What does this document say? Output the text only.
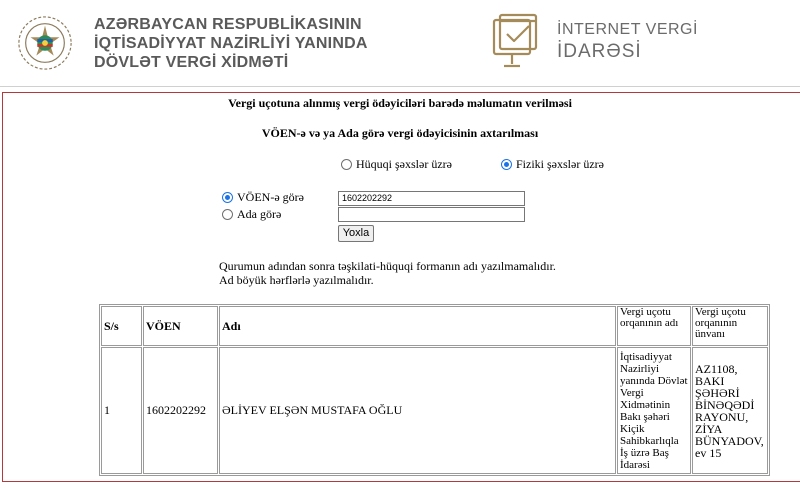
AZƏRBAYCAN RESPUBLİKASININ
İQTİSADİYYAT NAZİRLİYİ YANINDA
DÖVLƏT VERGİ XİDMƏTİ
İNTERNET VERGİ
İDARƏSİ
Vergi uçotuna alınmış vergi ödəyiciləri barədə məlumatın verilməsi
VÖEN-ə və ya Ada görə vergi ödəyicisinin axtarılması
Hüquqi şəxslər üzrə	Fiziki şəxslər üzrə
VÖEN-ə görə	1602202292
Ada görə
Yoxla
Qurumun adından sonra təşkilati-hüquqi formanın adı yazılmamalıdır.
Ad böyük hərflərlə yazılmalıdır.
S/s	VÖEN	Adı	Vergi uçotu orqanının adı	Vergi uçotu orqanının ünvanı
1	1602202292	ƏLİYEV ELŞƏN MUSTAFA OĞLU	İqtisadiyyat Nazirliyi yanında Dövlət Vergi Xidmətinin Bakı şəhəri Kiçik Sahibkarlıqla İş üzrə Baş İdarəsi	AZ1108, BAKI ŞƏHƏRİ BİNƏQƏDİ RAYONU, ZİYA BÜNYADOV, ev 15
